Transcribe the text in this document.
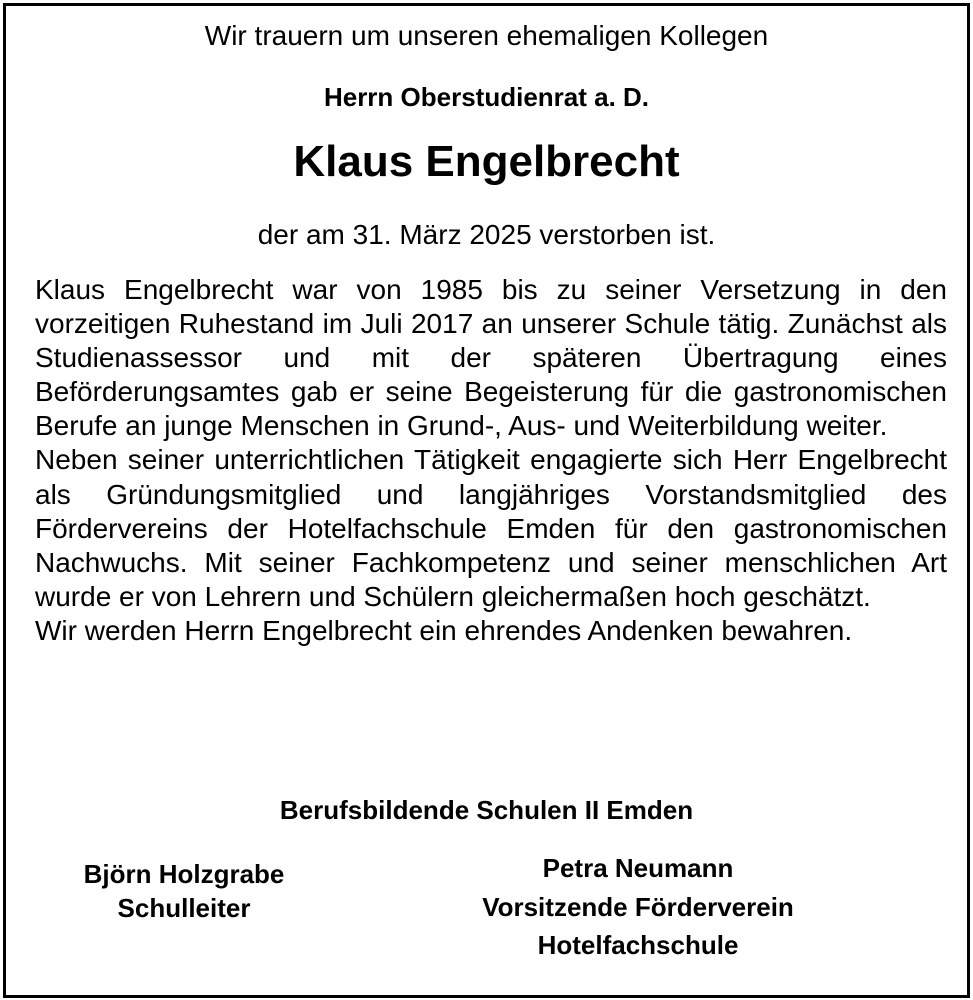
Wir trauern um unseren ehemaligen Kollegen
Herrn Oberstudienrat a. D.
Klaus Engelbrecht
der am 31. März 2025 verstorben ist.

Klaus Engelbrecht war von 1985 bis zu seiner Versetzung in den vorzeitigen Ruhestand im Juli 2017 an unserer Schule tätig. Zunächst als Studienassessor und mit der späteren Übertragung eines Beförderungsamtes gab er seine Begeisterung für die gastronomischen Berufe an junge Menschen in Grund-, Aus- und Weiterbildung weiter.

Neben seiner unterrichtlichen Tätigkeit engagierte sich Herr Engelbrecht als Gründungsmitglied und langjähriges Vorstandsmitglied des Fördervereins der Hotelfachschule Emden für den gastronomischen Nachwuchs. Mit seiner Fachkompetenz und seiner menschlichen Art wurde er von Lehrern und Schülern gleichermaßen hoch geschätzt.

Wir werden Herrn Engelbrecht ein ehrendes Andenken bewahren.

Berufsbildende Schulen II Emden
Björn Holzgrabe
Schulleiter
Petra Neumann
Vorsitzende Förderverein
Hotelfachschule
